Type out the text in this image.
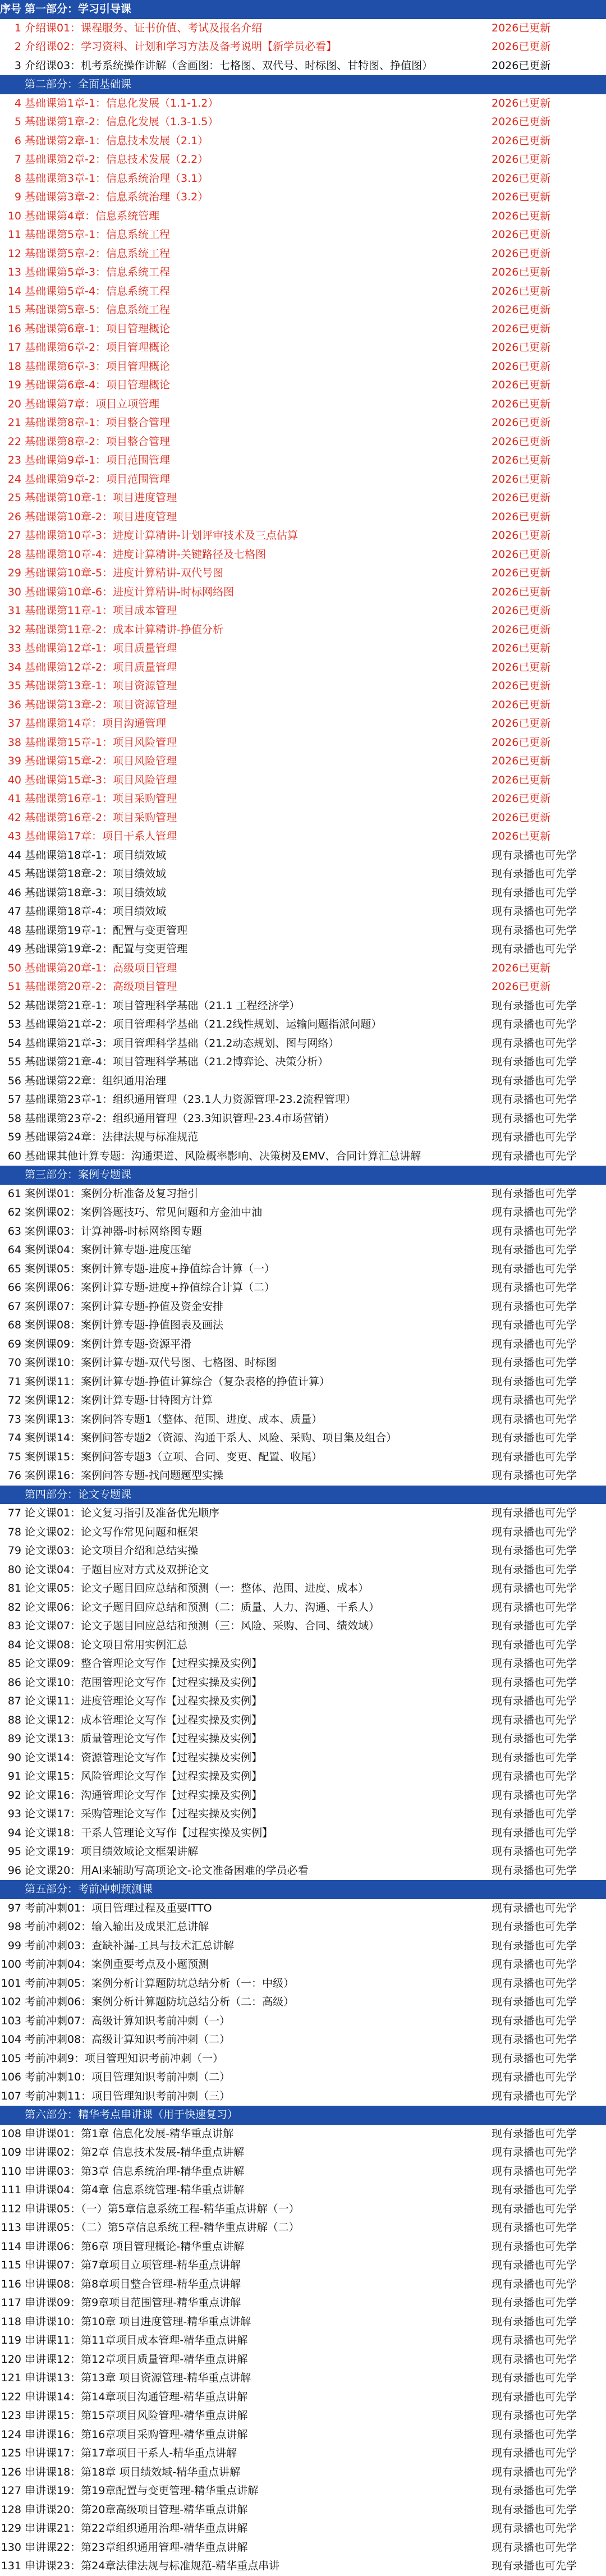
序号 第一部分：学习引导课
1 介绍课01：课程服务、证书价值、考试及报名介绍	2026已更新
2 介绍课02：学习资料、计划和学习方法及备考说明【新学员必看】	2026已更新
3 介绍课03：机考系统操作讲解（含画图：七格图、双代号、时标图、甘特图、挣值图）	2026已更新
第二部分：全面基础课
4 基础课第1章-1：信息化发展（1.1-1.2）	2026已更新
5 基础课第1章-2：信息化发展（1.3-1.5）	2026已更新
6 基础课第2章-1：信息技术发展（2.1）	2026已更新
7 基础课第2章-2：信息技术发展（2.2）	2026已更新
8 基础课第3章-1：信息系统治理（3.1）	2026已更新
9 基础课第3章-2：信息系统治理（3.2）	2026已更新
10 基础课第4章：信息系统管理	2026已更新
11 基础课第5章-1：信息系统工程	2026已更新
12 基础课第5章-2：信息系统工程	2026已更新
13 基础课第5章-3：信息系统工程	2026已更新
14 基础课第5章-4：信息系统工程	2026已更新
15 基础课第5章-5：信息系统工程	2026已更新
16 基础课第6章-1：项目管理概论	2026已更新
17 基础课第6章-2：项目管理概论	2026已更新
18 基础课第6章-3：项目管理概论	2026已更新
19 基础课第6章-4：项目管理概论	2026已更新
20 基础课第7章：项目立项管理	2026已更新
21 基础课第8章-1：项目整合管理	2026已更新
22 基础课第8章-2：项目整合管理	2026已更新
23 基础课第9章-1：项目范围管理	2026已更新
24 基础课第9章-2：项目范围管理	2026已更新
25 基础课第10章-1：项目进度管理	2026已更新
26 基础课第10章-2：项目进度管理	2026已更新
27 基础课第10章-3：进度计算精讲-计划评审技术及三点估算	2026已更新
28 基础课第10章-4：进度计算精讲-关键路径及七格图	2026已更新
29 基础课第10章-5：进度计算精讲-双代号图	2026已更新
30 基础课第10章-6：进度计算精讲-时标网络图	2026已更新
31 基础课第11章-1：项目成本管理	2026已更新
32 基础课第11章-2：成本计算精讲-挣值分析	2026已更新
33 基础课第12章-1：项目质量管理	2026已更新
34 基础课第12章-2：项目质量管理	2026已更新
35 基础课第13章-1：项目资源管理	2026已更新
36 基础课第13章-2：项目资源管理	2026已更新
37 基础课第14章：项目沟通管理	2026已更新
38 基础课第15章-1：项目风险管理	2026已更新
39 基础课第15章-2：项目风险管理	2026已更新
40 基础课第15章-3：项目风险管理	2026已更新
41 基础课第16章-1：项目采购管理	2026已更新
42 基础课第16章-2：项目采购管理	2026已更新
43 基础课第17章：项目干系人管理	2026已更新
44 基础课第18章-1：项目绩效域	现有录播也可先学
45 基础课第18章-2：项目绩效域	现有录播也可先学
46 基础课第18章-3：项目绩效域	现有录播也可先学
47 基础课第18章-4：项目绩效域	现有录播也可先学
48 基础课第19章-1：配置与变更管理	现有录播也可先学
49 基础课第19章-2：配置与变更管理	现有录播也可先学
50 基础课第20章-1：高级项目管理	2026已更新
51 基础课第20章-2：高级项目管理	2026已更新
52 基础课第21章-1：项目管理科学基础（21.1 工程经济学）	现有录播也可先学
53 基础课第21章-2：项目管理科学基础（21.2线性规划、运输问题指派问题）	现有录播也可先学
54 基础课第21章-3：项目管理科学基础（21.2动态规划、图与网络）	现有录播也可先学
55 基础课第21章-4：项目管理科学基础（21.2博弈论、决策分析）	现有录播也可先学
56 基础课第22章：组织通用治理	现有录播也可先学
57 基础课第23章-1：组织通用管理（23.1人力资源管理-23.2流程管理）	现有录播也可先学
58 基础课第23章-2：组织通用管理（23.3知识管理-23.4市场营销）	现有录播也可先学
59 基础课第24章：法律法规与标准规范	现有录播也可先学
60 基础课其他计算专题：沟通渠道、风险概率影响、决策树及EMV、合同计算汇总讲解	现有录播也可先学
第三部分：案例专题课
61 案例课01：案例分析准备及复习指引	现有录播也可先学
62 案例课02：案例答题技巧、常见问题和方金油中油	现有录播也可先学
63 案例课03：计算神器-时标网络图专题	现有录播也可先学
64 案例课04：案例计算专题-进度压缩	现有录播也可先学
65 案例课05：案例计算专题-进度+挣值综合计算（一）	现有录播也可先学
66 案例课06：案例计算专题-进度+挣值综合计算（二）	现有录播也可先学
67 案例课07：案例计算专题-挣值及资金安排	现有录播也可先学
68 案例课08：案例计算专题-挣值图表及画法	现有录播也可先学
69 案例课09：案例计算专题-资源平滑	现有录播也可先学
70 案例课10：案例计算专题-双代号图、七格图、时标图	现有录播也可先学
71 案例课11：案例计算专题-挣值计算综合（复杂表格的挣值计算）	现有录播也可先学
72 案例课12：案例计算专题-甘特图方计算	现有录播也可先学
73 案例课13：案例问答专题1（整体、范围、进度、成本、质量）	现有录播也可先学
74 案例课14：案例问答专题2（资源、沟通干系人、风险、采购、项目集及组合）	现有录播也可先学
75 案例课15：案例问答专题3（立项、合同、变更、配置、收尾）	现有录播也可先学
76 案例课16：案例问答专题-找问题题型实操	现有录播也可先学
第四部分：论文专题课
77 论文课01：论文复习指引及准备优先顺序	现有录播也可先学
78 论文课02：论文写作常见问题和框架	现有录播也可先学
79 论文课03：论文项目介绍和总结实操	现有录播也可先学
80 论文课04：子题目应对方式及双拼论文	现有录播也可先学
81 论文课05：论文子题目回应总结和预测（一：整体、范围、进度、成本）	现有录播也可先学
82 论文课06：论文子题目回应总结和预测（二：质量、人力、沟通、干系人）	现有录播也可先学
83 论文课07：论文子题目回应总结和预测（三：风险、采购、合同、绩效域）	现有录播也可先学
84 论文课08：论文项目常用实例汇总	现有录播也可先学
85 论文课09：整合管理论文写作【过程实操及实例】	现有录播也可先学
86 论文课10：范围管理论文写作【过程实操及实例】	现有录播也可先学
87 论文课11：进度管理论文写作【过程实操及实例】	现有录播也可先学
88 论文课12：成本管理论文写作【过程实操及实例】	现有录播也可先学
89 论文课13：质量管理论文写作【过程实操及实例】	现有录播也可先学
90 论文课14：资源管理论文写作【过程实操及实例】	现有录播也可先学
91 论文课15：风险管理论文写作【过程实操及实例】	现有录播也可先学
92 论文课16：沟通管理论文写作【过程实操及实例】	现有录播也可先学
93 论文课17：采购管理论文写作【过程实操及实例】	现有录播也可先学
94 论文课18：干系人管理论文写作【过程实操及实例】	现有录播也可先学
95 论文课19：项目绩效域论文框架讲解	现有录播也可先学
96 论文课20：用AI来辅助写高项论文-论文准备困难的学员必看	现有录播也可先学
第五部分：考前冲刺预测课
97 考前冲刺01：项目管理过程及重要ITTO	现有录播也可先学
98 考前冲刺02：输入输出及成果汇总讲解	现有录播也可先学
99 考前冲刺03：查缺补漏-工具与技术汇总讲解	现有录播也可先学
100 考前冲刺04：案例重要考点及小题预测	现有录播也可先学
101 考前冲刺05：案例分析计算题防坑总结分析（一：中级）	现有录播也可先学
102 考前冲刺06：案例分析计算题防坑总结分析（二：高级）	现有录播也可先学
103 考前冲刺07：高级计算知识考前冲刺（一）	现有录播也可先学
104 考前冲刺08：高级计算知识考前冲刺（二）	现有录播也可先学
105 考前冲刺9：项目管理知识考前冲刺（一）	现有录播也可先学
106 考前冲刺10：项目管理知识考前冲刺（二）	现有录播也可先学
107 考前冲刺11：项目管理知识考前冲刺（三）	现有录播也可先学
第六部分：精华考点串讲课（用于快速复习）
108 串讲课01：第1章 信息化发展-精华重点讲解	现有录播也可先学
109 串讲课02：第2章 信息技术发展-精华重点讲解	现有录播也可先学
110 串讲课03：第3章 信息系统治理-精华重点讲解	现有录播也可先学
111 串讲课04：第4章 信息系统管理-精华重点讲解	现有录播也可先学
112 串讲课05：（一）第5章信息系统工程-精华重点讲解（一）	现有录播也可先学
113 串讲课05：（二）第5章信息系统工程-精华重点讲解（二）	现有录播也可先学
114 串讲课06：第6章 项目管理概论-精华重点讲解	现有录播也可先学
115 串讲课07：第7章项目立项管理-精华重点讲解	现有录播也可先学
116 串讲课08：第8章项目整合管理-精华重点讲解	现有录播也可先学
117 串讲课09：第9章项目范围管理-精华重点讲解	现有录播也可先学
118 串讲课10：第10章 项目进度管理-精华重点讲解	现有录播也可先学
119 串讲课11：第11章项目成本管理-精华重点讲解	现有录播也可先学
120 串讲课12：第12章项目质量管理-精华重点讲解	现有录播也可先学
121 串讲课13：第13章 项目资源管理-精华重点讲解	现有录播也可先学
122 串讲课14：第14章项目沟通管理-精华重点讲解	现有录播也可先学
123 串讲课15：第15章项目风险管理-精华重点讲解	现有录播也可先学
124 串讲课16：第16章项目采购管理-精华重点讲解	现有录播也可先学
125 串讲课17：第17章项目干系人-精华重点讲解	现有录播也可先学
126 串讲课18：第18章 项目绩效域-精华重点讲解	现有录播也可先学
127 串讲课19：第19章配置与变更管理-精华重点讲解	现有录播也可先学
128 串讲课20：第20章高级项目管理-精华重点讲解	现有录播也可先学
129 串讲课21：第22章组织通用治理-精华重点讲解	现有录播也可先学
130 串讲课22：第23章组织通用管理-精华重点讲解	现有录播也可先学
131 串讲课23：第24章法律法规与标准规范-精华重点串讲	现有录播也可先学
